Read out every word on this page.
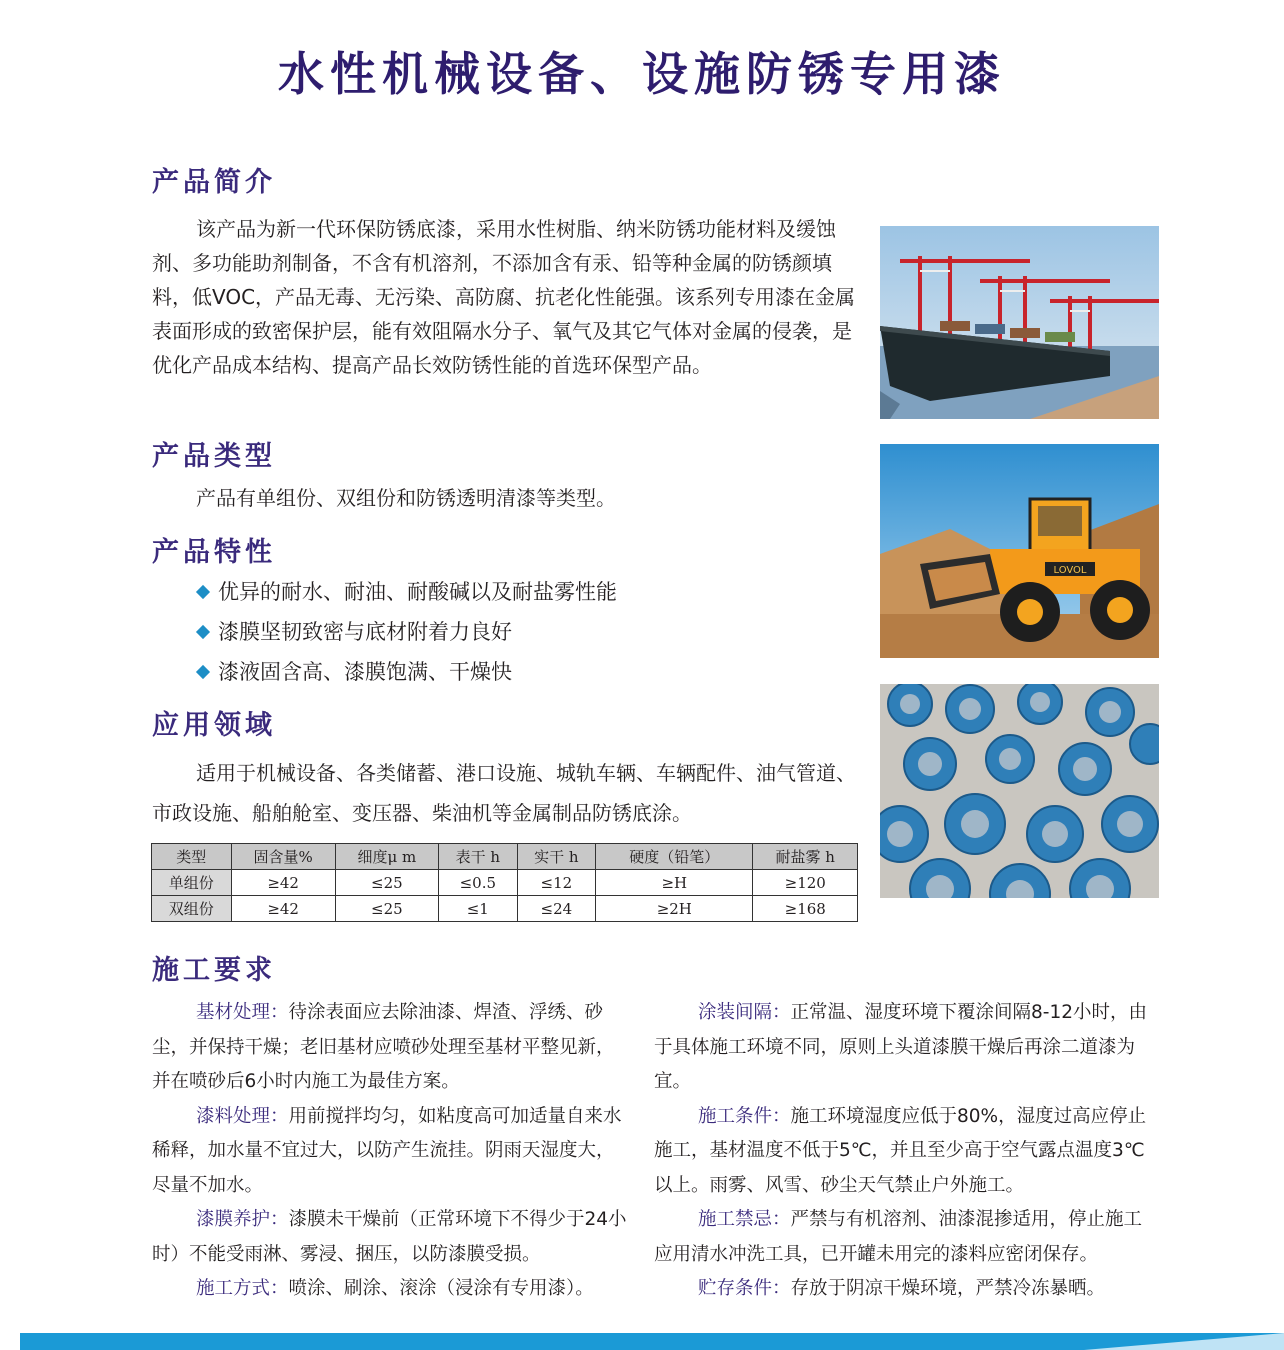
水性机械设备、设施防锈专用漆
产品简介

该产品为新一代环保防锈底漆，采用水性树脂、纳米防锈功能材料及缓蚀剂、多功能助剂制备，不含有机溶剂，不添加含有汞、铅等种金属的防锈颜填料，低VOC，产品无毒、无污染、高防腐、抗老化性能强。该系列专用漆在金属表面形成的致密保护层，能有效阻隔水分子、氧气及其它气体对金属的侵袭，是优化产品成本结构、提高产品长效防锈性能的首选环保型产品。

产品类型

产品有单组份、双组份和防锈透明清漆等类型。

产品特性
优异的耐水、耐油、耐酸碱以及耐盐雾性能
漆膜坚韧致密与底材附着力良好
漆液固含高、漆膜饱满、干燥快
应用领域

适用于机械设备、各类储蓄、港口设施、城轨车辆、车辆配件、油气管道、市政设施、船舶舱室、变压器、柴油机等金属制品防锈底涂。

类型	固含量%	细度μ m	表干 h	实干 h	硬度（铅笔）	耐盐雾 h
单组份	≥42	≤25	≤0.5	≤12	≥H	≥120
双组份	≥42	≤25	≤1	≤24	≥2H	≥168
施工要求

基材处理：待涂表面应去除油漆、焊渣、浮绣、砂尘，并保持干燥；老旧基材应喷砂处理至基材平整见新，并在喷砂后6小时内施工为最佳方案。

漆料处理：用前搅拌均匀，如粘度高可加适量自来水稀释，加水量不宜过大，以防产生流挂。阴雨天湿度大，尽量不加水。

漆膜养护：漆膜未干燥前（正常环境下不得少于24小时）不能受雨淋、雾浸、捆压，以防漆膜受损。

施工方式：喷涂、刷涂、滚涂（浸涂有专用漆）。

涂装间隔：正常温、湿度环境下覆涂间隔8-12小时，由于具体施工环境不同，原则上头道漆膜干燥后再涂二道漆为宜。

施工条件：施工环境湿度应低于80%，湿度过高应停止施工，基材温度不低于5℃，并且至少高于空气露点温度3℃以上。雨雾、风雪、砂尘天气禁止户外施工。

施工禁忌：严禁与有机溶剂、油漆混掺适用，停止施工应用清水冲洗工具，已开罐未用完的漆料应密闭保存。

贮存条件：存放于阴凉干燥环境，严禁冷冻暴晒。

LOVOL
